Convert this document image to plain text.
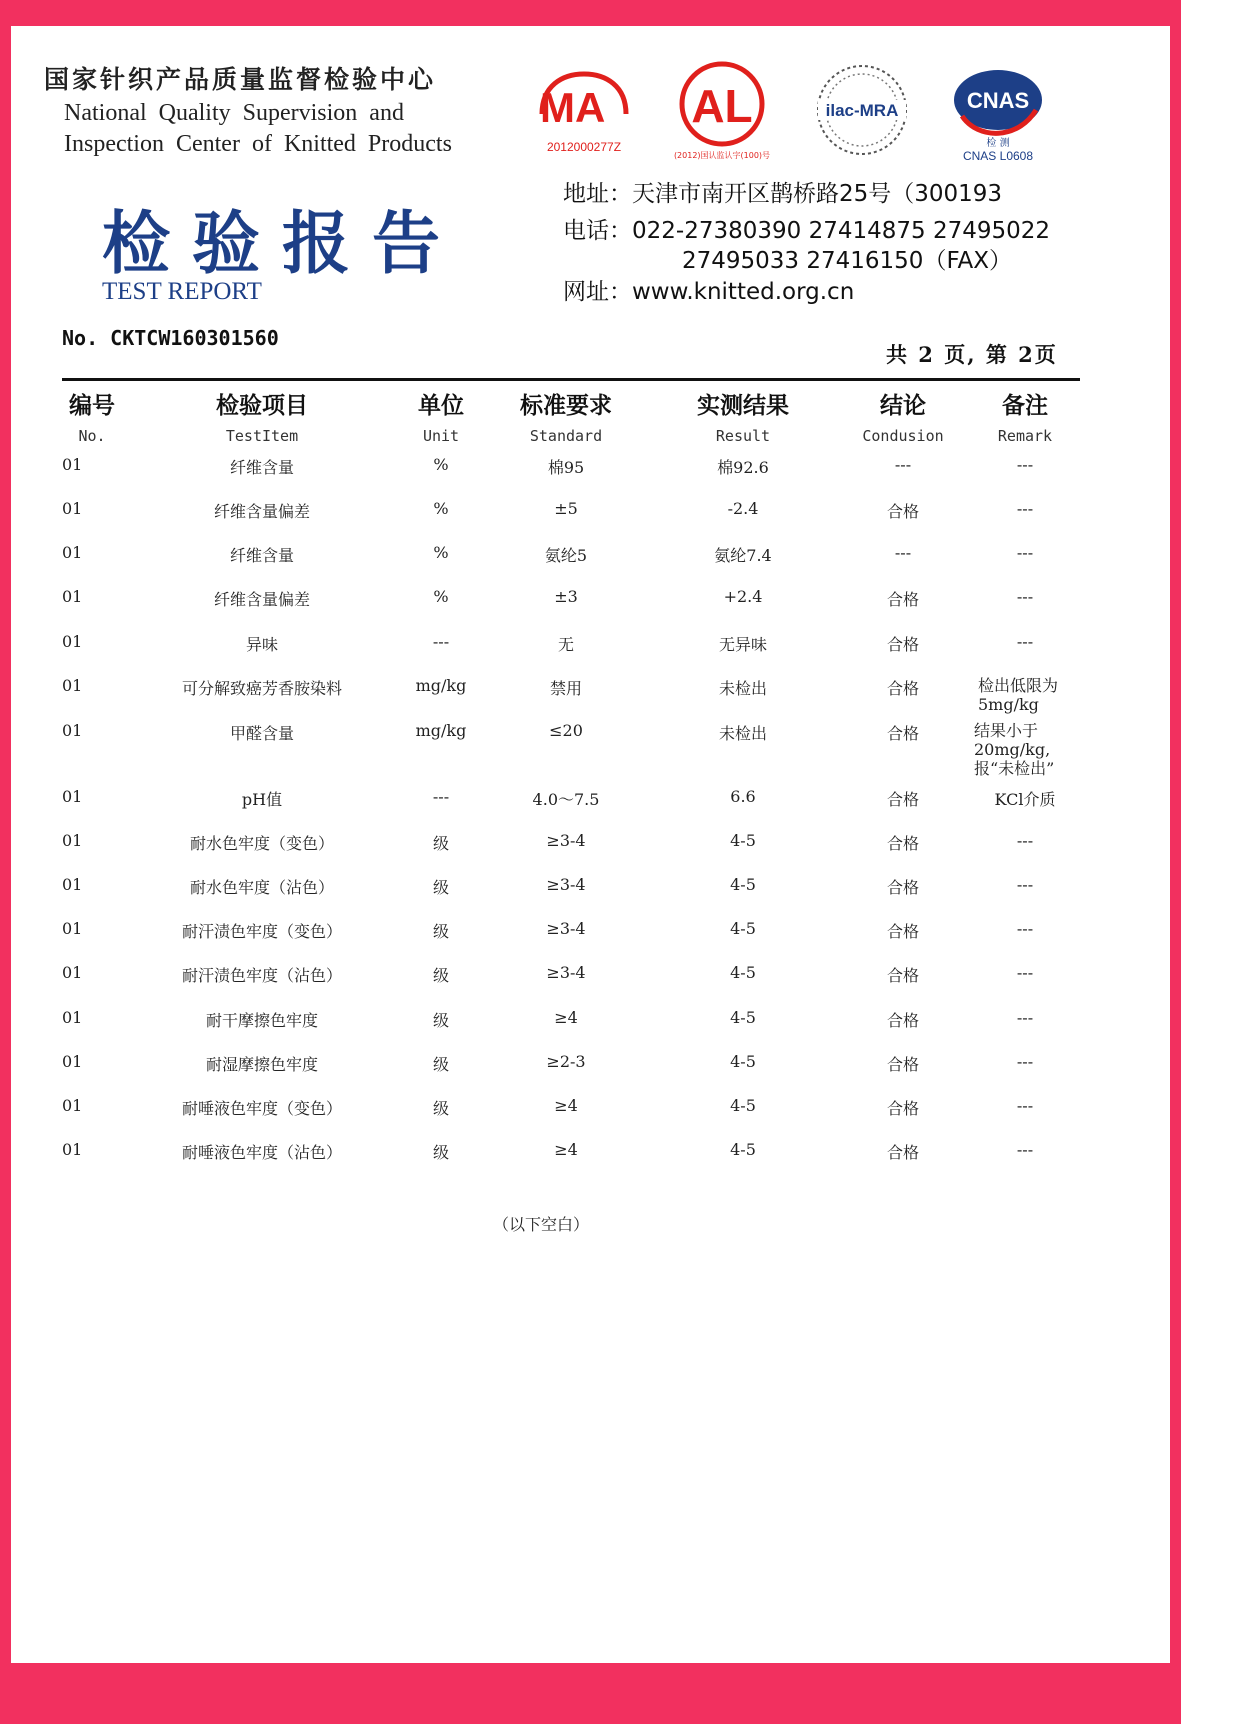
国家针织产品质量监督检验中心
National Quality Supervision and
Inspection Center of Knitted Products
MA
2012000277Z
AL
(2012)国认监认字(100)号
ilac-MRA	CNAS
检 测
CNAS L0608
检验报告
TEST REPORT
地址：天津市南开区鹊桥路25号（300193
电话：022-27380390 27414875 27495022
27495033 27416150（FAX）
网址：www.knitted.org.cn
No. CKTCW160301560
共 2 页, 第 2页
01	纤维含量	%	棉95	棉92.6	---	---
01	纤维含量偏差	%	±5	-2.4	合格	---
01	纤维含量	%	氨纶5	氨纶7.4	---	---
01	纤维含量偏差	%	±3	+2.4	合格	---
01	异味	---	无	无异味	合格	---
01	可分解致癌芳香胺染料	mg/kg	禁用	未检出	合格	检出低限为5mg/kg
01	甲醛含量	mg/kg	≤20	未检出	合格	结果小于20mg/kg,报“未检出”
01	pH值	---	4.0～7.5	6.6	合格	KCl介质
01	耐水色牢度（变色）	级	≥3-4	4-5	合格	---
01	耐水色牢度（沾色）	级	≥3-4	4-5	合格	---
01	耐汗渍色牢度（变色）	级	≥3-4	4-5	合格	---
01	耐汗渍色牢度（沾色）	级	≥3-4	4-5	合格	---
01	耐干摩擦色牢度	级	≥4	4-5	合格	---
01	耐湿摩擦色牢度	级	≥2-3	4-5	合格	---
01	耐唾液色牢度（变色）	级	≥4	4-5	合格	---
01	耐唾液色牢度（沾色）	级	≥4	4-5	合格	---
（以下空白）
编号	检验项目	单位 标准要求	实测结果	结论	备注
No.	TestItem	Unit	Standard	Result	Condusion	Remark
